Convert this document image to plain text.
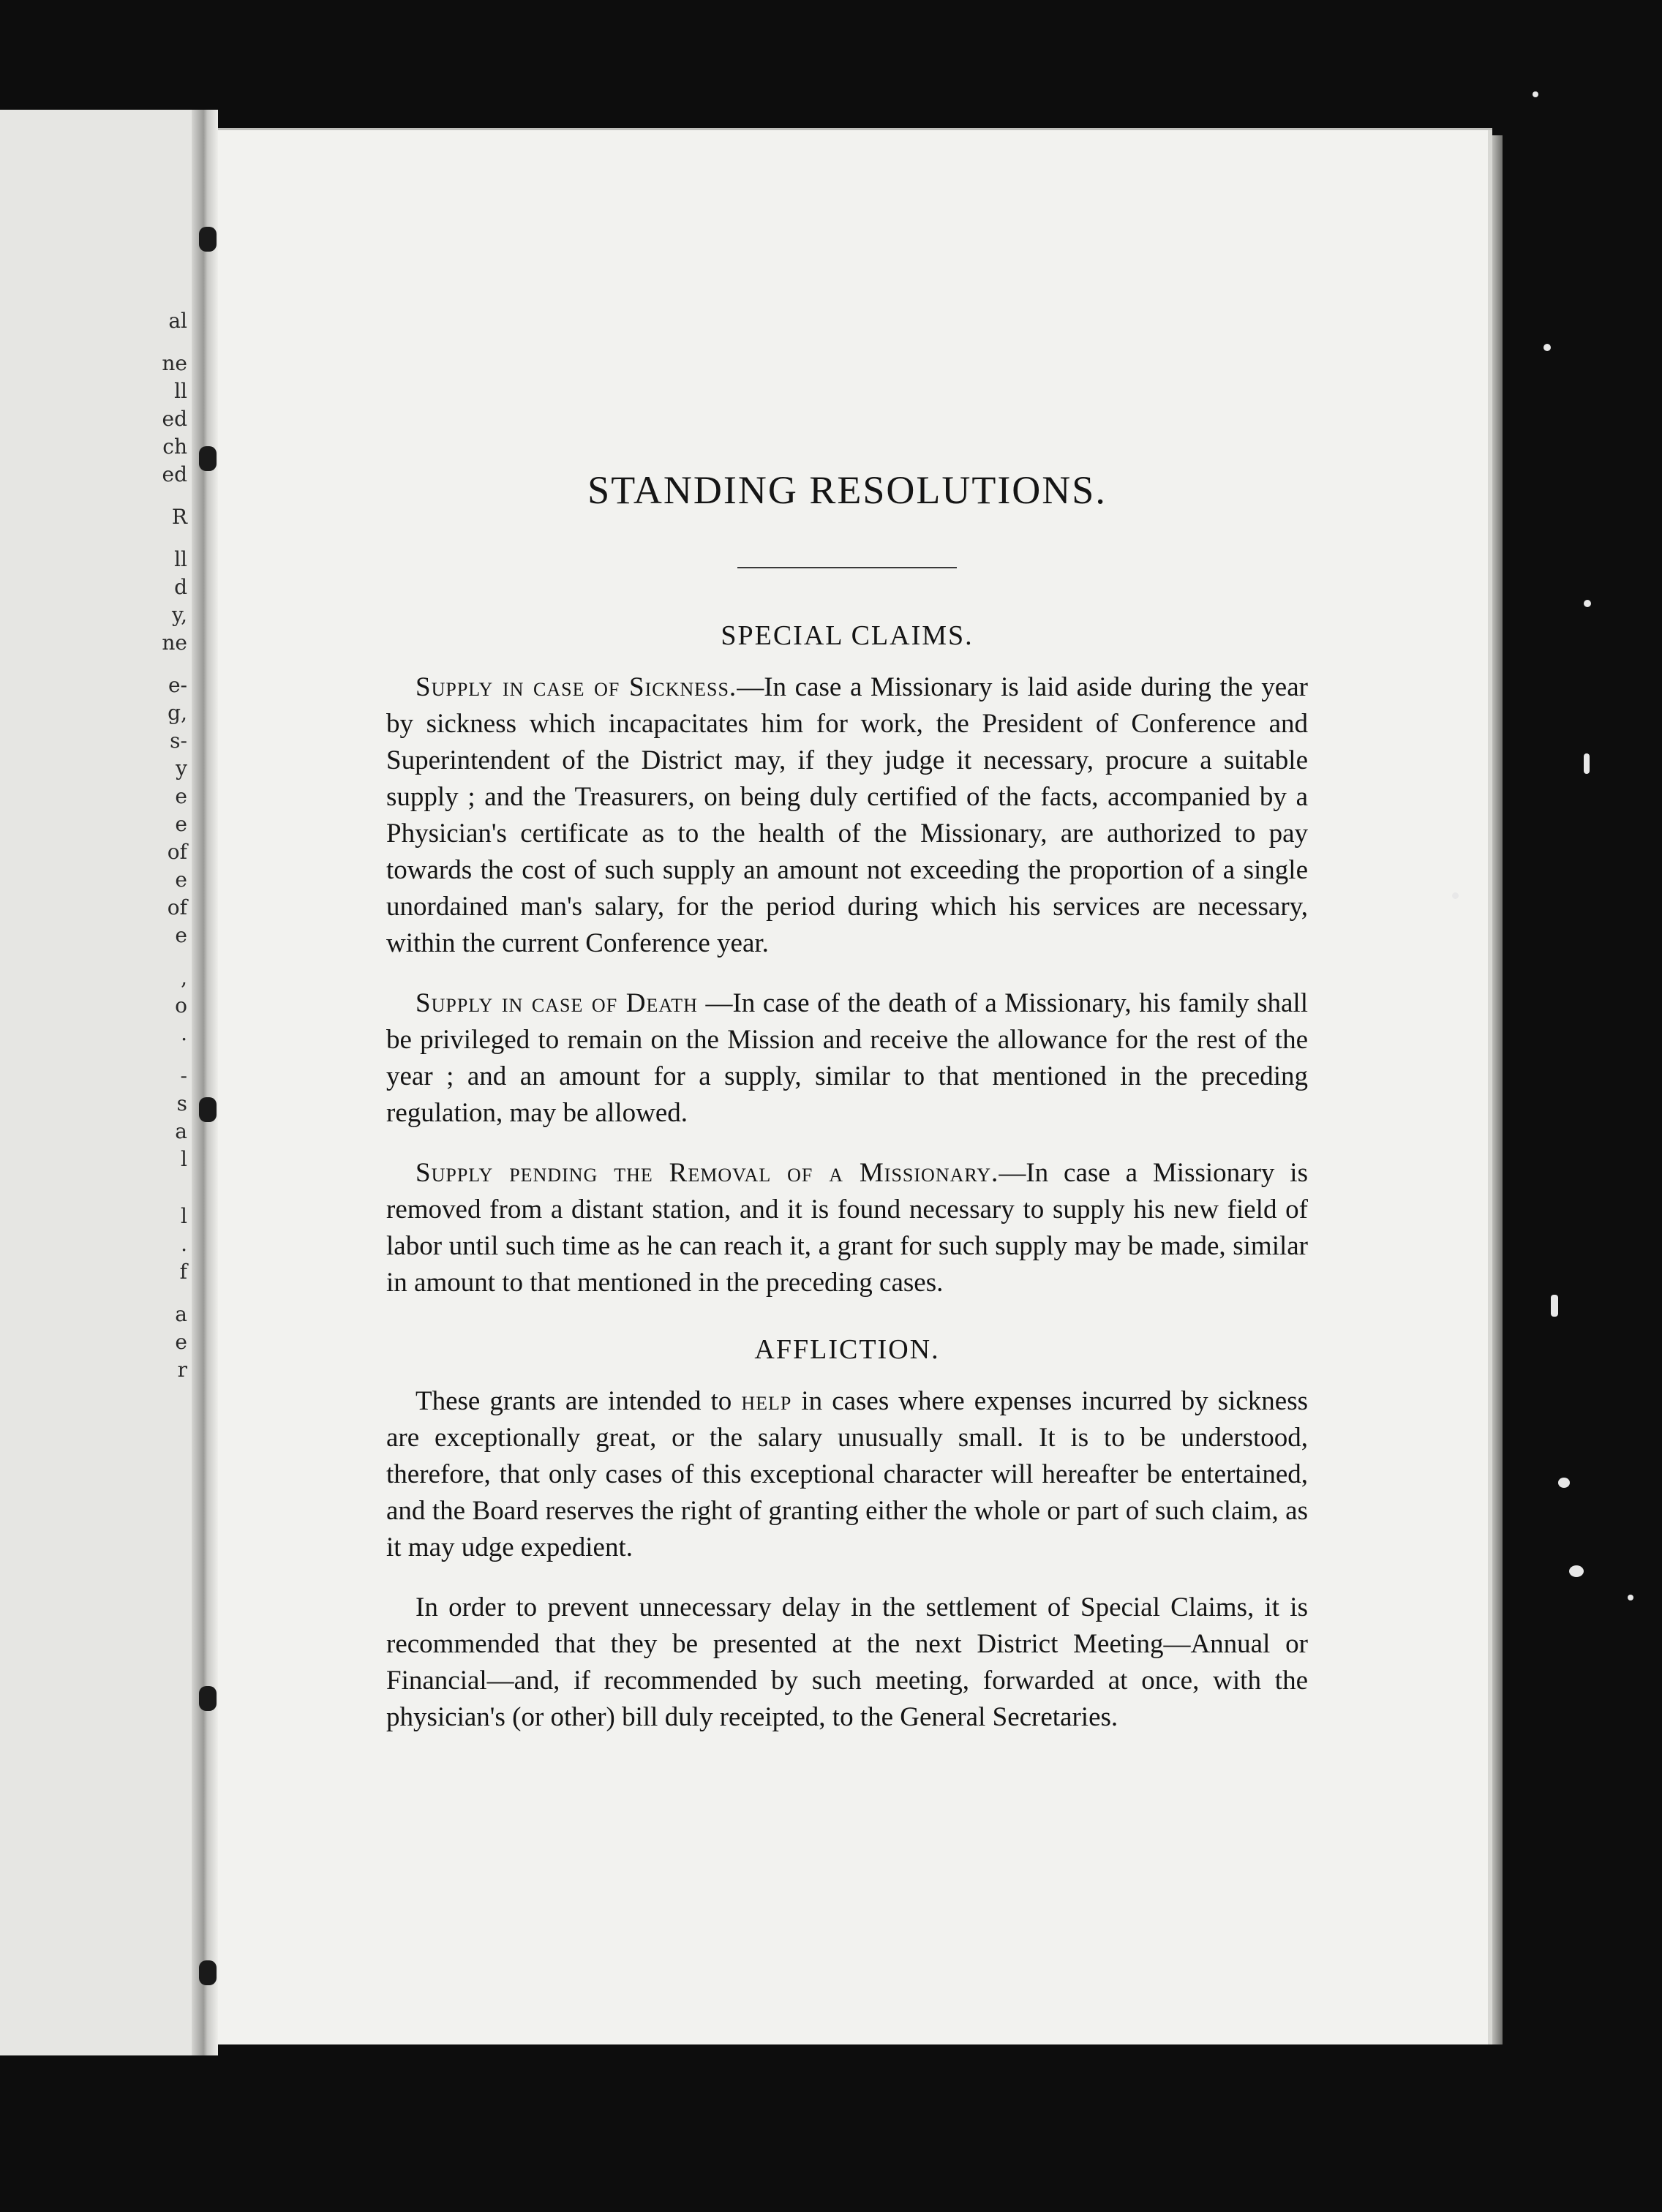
al
ne
ll
ed
ch
ed
R
ll
d
y,
ne
e-
g,
s-
y
e
e
of
e
of
e
,
o
.
-
s
a
l
l
.
f
a
e
r
STANDING RESOLUTIONS.
SPECIAL CLAIMS.

Supply in case of Sickness.—In case a Missionary is laid aside during the year by sickness which incapacitates him for work, the President of Conference and Superintendent of the District may, if they judge it necessary, procure a suitable supply ; and the Treasurers, on being duly certified of the facts, accompanied by a Physician's certificate as to the health of the Missionary, are authorized to pay towards the cost of such supply an amount not exceeding the proportion of a single unordained man's salary, for the period during which his services are necessary, within the current Conference year.

Supply in case of Death —In case of the death of a Missionary, his family shall be privileged to remain on the Mission and receive the allowance for the rest of the year ; and an amount for a supply, similar to that mentioned in the preceding regulation, may be allowed.

Supply pending the Removal of a Missionary.—In case a Missionary is removed from a distant station, and it is found necessary to supply his new field of labor until such time as he can reach it, a grant for such supply may be made, similar in amount to that mentioned in the preceding cases.

AFFLICTION.

These grants are intended to help in cases where expenses incurred by sickness are exceptionally great, or the salary unusually small. It is to be understood, therefore, that only cases of this exceptional character will hereafter be entertained, and the Board reserves the right of granting either the whole or part of such claim, as it may udge expedient.

In order to prevent unnecessary delay in the settlement of Special Claims, it is recommended that they be presented at the next District Meeting—Annual or Financial—and, if recommended by such meeting, forwarded at once, with the physician's (or other) bill duly receipted, to the General Secretaries.
